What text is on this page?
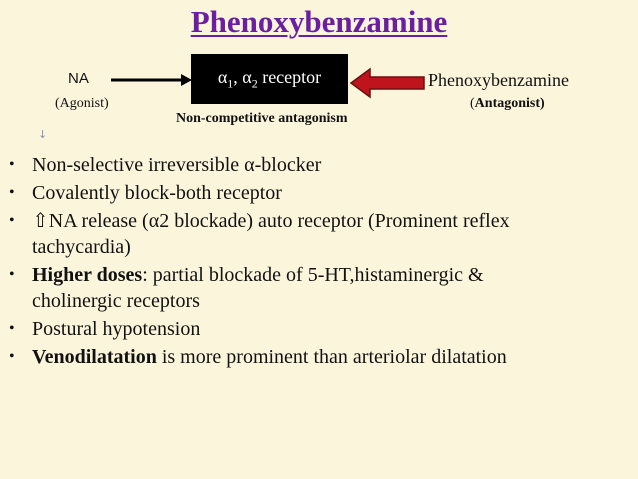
Phenoxybenzamine
NA
(Agonist)
$\alpha_1$, $\alpha_2$ receptor	Phenoxybenzamine
(Antagonist)
Non-competitive antagonism
↓
• Non-selective irreversible α-blocker
• Covalently block-both receptor
• ⇧NA release (α2 blockade) auto receptor (Prominent reflex
tachycardia)
• Higher doses: partial blockade of 5-HT,histaminergic &
cholinergic receptors
• Postural hypotension
• Venodilatation is more prominent than arteriolar dilatation
